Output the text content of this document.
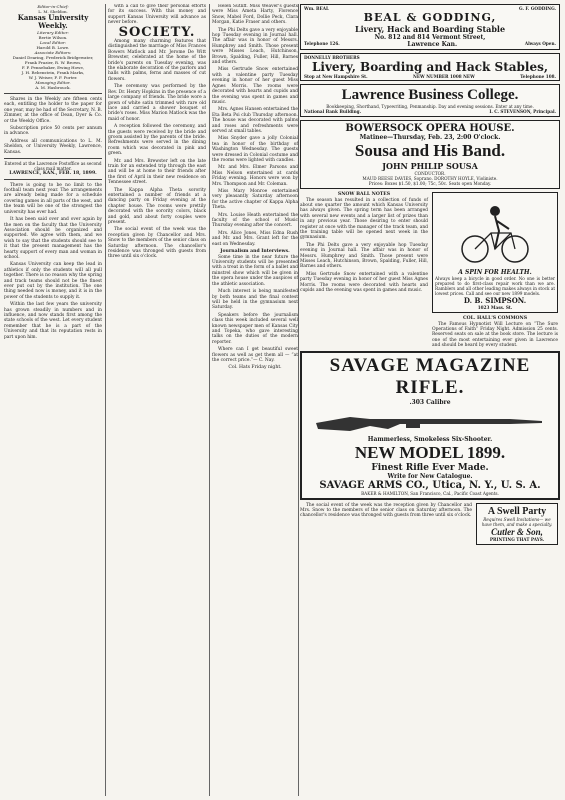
Editor-in-Chief:
L. M. Sheldon.
Kansas University Weekly.
Literary Editor:
Bertie Wilson.
Local Editor:
Harold B. Lowe.
Associate Editors:
Daniel Dearing, Frederick Bridgewater,
Frank Frazier, R. W. Brown,
F. P. Pennebaker, Ewing Howe,
J. H. Rebenstein, Frank Marks,
W. J. Weiser, F. F. Porter.
Managing Editor.
A. M. Hasbrouck.

Shares in the Weekly are fifteen cents each, entitling the holder to the paper for one year, may be had of the Secretary, N. B. Zimmer, at the office of Dean, Dyer & Co. or the Weekly Office.

Subscription price 50 cents per annum in advance.

Address all communications to L. M. Sheldon, or University Weekly, Lawrence, Kansas.

Entered at the Lawrence Postoffice as second class mail matter.
LAWRENCE, KAN., FEB. 18, 1899.

There is going to be no limit to the football team next year. The arrangements are already being made for a schedule covering games in all parts of the west, and the team will be one of the strongest the university has ever had.

It has been said over and over again by the men on the faculty that the University Association should be organized and supported. We agree with them, and we wish to say that the students should see to it that the present management has the hearty support of every man and woman in school.

Kansas University can keep the lead in athletics if only the students will all pull together. There is no reason why the spring and track teams should not be the finest ever put out by the institution. The one thing needed now is money, and it is in the power of the students to supply it.

Within the last few years the university has grown steadily in numbers and in influence, and now stands first among the state schools of the west. Let every student remember that he is a part of the University and that its reputation rests in part upon him.

with a call to give their personal efforts for its success. With this money and support Kansas University will advance as never before.

SOCIETY.

Among many charming features that distinguished the marriage of Miss Frances Bowers Matlock and Mr. Jerome De Witt Brewster, celebrated at the home of the bride's parents on Tuesday evening, was the elaborate decoration of the parlors and halls with palms, ferns and masses of cut flowers.

The ceremony was performed by the Rev. Dr. Henry Hopkins in the presence of a large company of friends. The bride wore a gown of white satin trimmed with rare old lace and carried a shower bouquet of bride's roses. Miss Marion Matlock was the maid of honor.

A reception followed the ceremony, and the guests were received by the bride and groom assisted by the parents of the bride. Refreshments were served in the dining room which was decorated in pink and green.

Mr. and Mrs. Brewster left on the late train for an extended trip through the east and will be at home to their friends after the first of April in their new residence on Tennessee street.

The Kappa Alpha Theta sorority entertained a number of friends at a dancing party on Friday evening at the chapter house. The rooms were prettily decorated with the sorority colors, black and gold, and about forty couples were present.

The social event of the week was the reception given by Chancellor and Mrs. Snow to the members of the senior class on Saturday afternoon. The chancellor's residence was thronged with guests from three until six o'clock.

Helen Sutliff. Miss Weaver's guests were Miss Ameta Harty, Florence Snow, Mabel Ford, Dollie Peck, Clara Morgan, Katie Fraser and others.

The Phi Delts gave a very enjoyable hop Tuesday evening in Journal hall. The affair was in honor of Messrs. Humphrey and Smith. Those present were Misses Leach, Hutchinson, Brown, Spalding, Fuller, Hill, Barnes and others.

Miss Gertrude Snow entertained with a valentine party Tuesday evening in honor of her guest Miss Agnes Morris. The rooms were decorated with hearts and cupids and the evening was spent in games and music.

Mrs. Agnes Hansen entertained the Eta Beta Psi club Thursday afternoon. The house was decorated with palms and roses and refreshments were served at small tables.

Miss Snyder gave a jolly Colonial tea in honor of the birthday of Washington Wednesday. The guests were dressed in Colonial costume and the rooms were lighted with candles.

Mr. and Mrs. Elmer Parsons and Miss Nelson entertained at cards Friday evening. Honors were won by Mrs. Thompson and Mr. Coleman.

Miss Mary Monroe entertained very pleasantly Saturday afternoon for the active chapter of Kappa Alpha Theta.

Mrs. Louise Heath entertained the faculty of the school of Music Thursday evening after the concert.

Mrs. Alice Jones, Miss Edna Rush and Mr. and Mrs. Grant left for the east on Wednesday.

Journalism and Interviews.

Some time in the near future the University students will be presented with a treat in the form of a ballet and minstrel show which will be given in the opera house under the auspices of the athletic association.

Much interest is being manifested by both teams and the final contest will be held in the gymnasium next Saturday.

Speakers before the journalism class this week included several well known newspaper men of Kansas City and Topeka, who gave interesting talks on the duties of the modern reporter.

Where can I get beautiful sweet flowers as well as get them all — “at the correct price.”— C. Nay.

Col. Hats Friday night.
Wm. BEAL	G. F. GODDING.
BEAL & GODDING,
Livery, Hack and Boarding Stable
No. 812 and 814 Vermont Street,
Telephone 126.	Lawrence Kan.	Always Open.
DONNELLY BROTHERS
Livery, Boarding and Hack Stables,
Stop at New Hampshire St.	NEW NUMBER 1008 NEW	Telephone 108.
Lawrence Business College.
Bookkeeping, Shorthand, Typewriting, Penmanship. Day and evening sessions. Enter at any time.
National Bank Building.	I. C. STEVENSON, Principal.
BOWERSOCK OPERA HOUSE.
Matinee—Thursday, Feb. 23, 2:00 O'clock.
Sousa and His Band.
JOHN PHILIP SOUSA
CONDUCTOR.
MAUD REESE DAVIES, Soprano. DOROTHY HOYLE, Violiniste.
Prices: Boxes $1.50, $1.00; 75c, 50c. Seats open Monday.
SNOW BALL NOTES

The season has resulted in a collection of funds of about one quarter the amount which Kansas University has always given. The spring term has been arranged with several new events and a larger list of prizes than in any previous year. Those desiring to enter should register at once with the manager of the track team, and the training table will be opened next week in the gymnasium.

The Phi Delts gave a very enjoyable hop Tuesday evening in Journal hall. The affair was in honor of Messrs. Humphrey and Smith. Those present were Misses Leach, Hutchinson, Brown, Spalding, Fuller, Hill, Barnes and others.

Miss Gertrude Snow entertained with a valentine party Tuesday evening in honor of her guest Miss Agnes Morris. The rooms were decorated with hearts and cupids and the evening was spent in games and music.

A SPIN FOR HEALTH.
Always keep a bicycle in good order. No one is better prepared to do first-class repair work than we are. Ramblers and all other leading makes always in stock at lowest prices. Call and see our new 1899 models.
D. B. SIMPSON.
1023 Mass. St.
COL. HALL'S COMMONS

The Famous Hypnotist Will Lecture on “The Sure Operations of Faith” Friday Night. Admission 25 cents. Reserved seats on sale at the book store. The lecture is one of the most entertaining ever given in Lawrence and should be heard by every student.

SAVAGE MAGAZINE RIFLE.
.303 Calibre
Hammerless, Smokeless Six-Shooter.
NEW MODEL 1899.
Finest Rifle Ever Made.
Write for New Catalogue.
SAVAGE ARMS CO., Utica, N. Y., U. S. A.
BAKER & HAMILTON, San Francisco, Cal., Pacific Coast Agents.

The social event of the week was the reception given by Chancellor and Mrs. Snow to the members of the senior class on Saturday afternoon. The chancellor's residence was thronged with guests from three until six o'clock.	A Swell Party
Requires Swell Invitations— we have them, and make a specialty.
Cutler & Son,
PRINTING THAT PAYS.
